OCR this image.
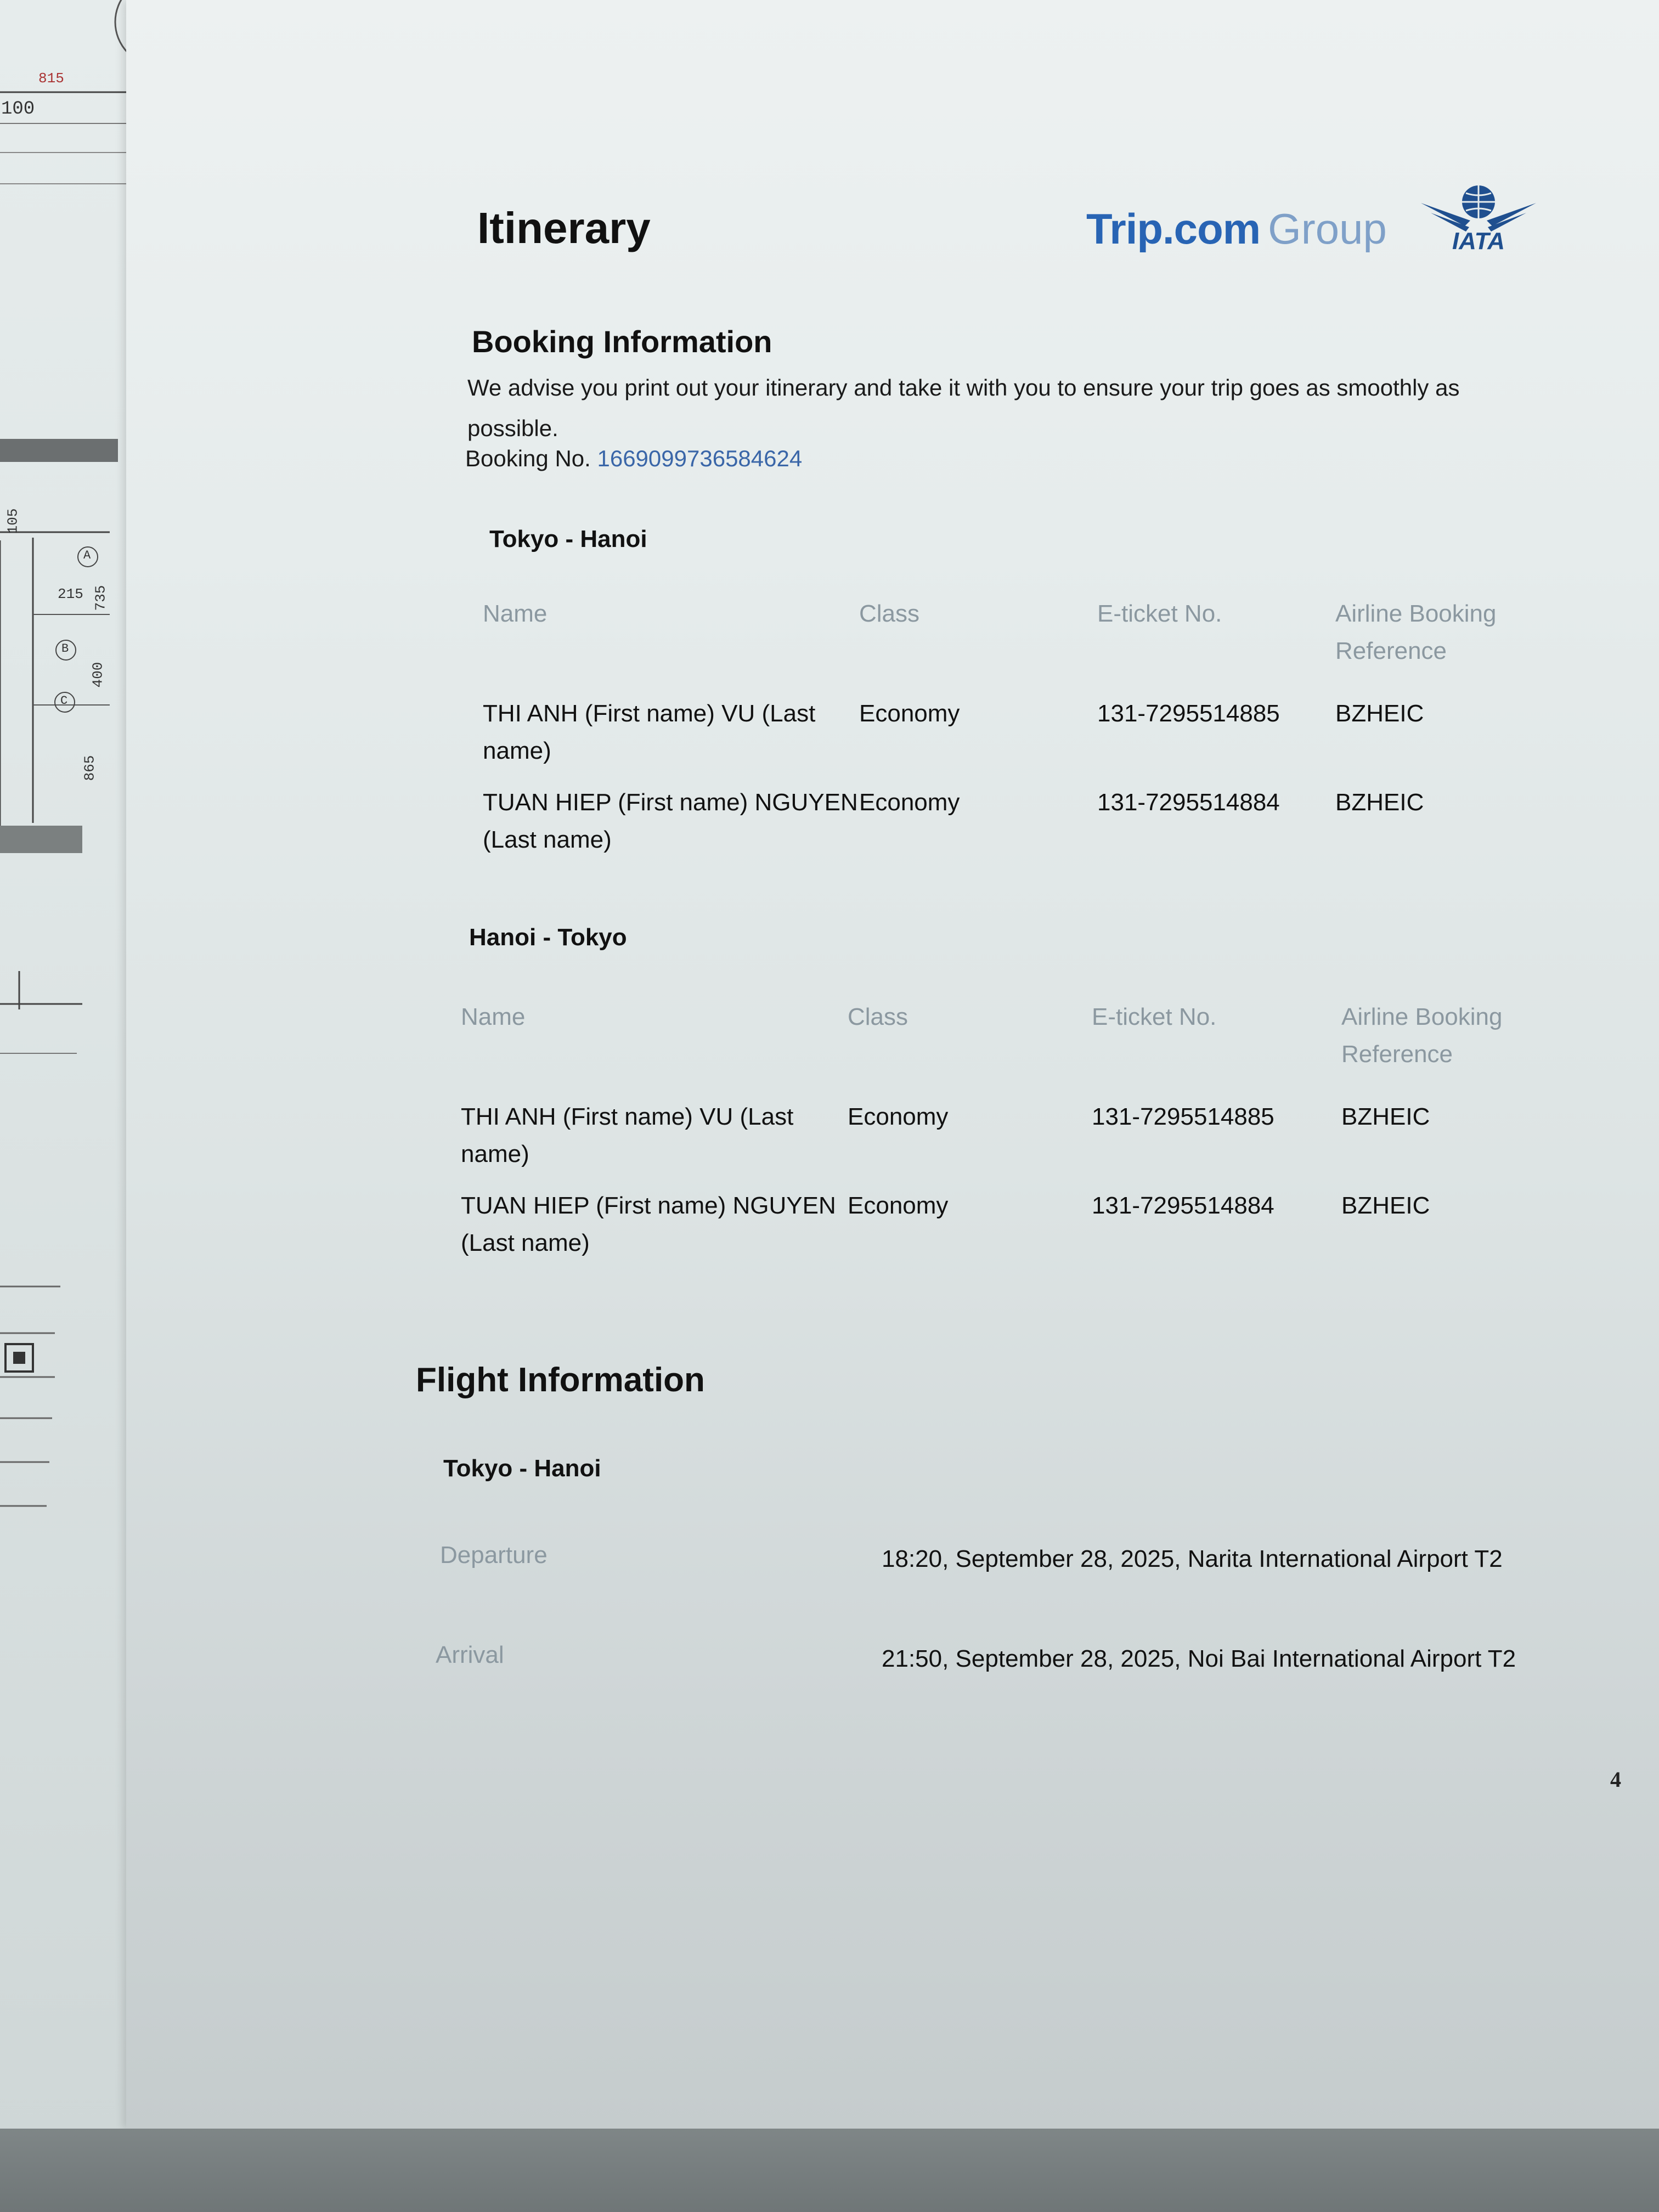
815
100
105
215 735
400
865
A
B
C
Itinerary	Trip.com Group	IATA
Booking Information

We advise you print out your itinerary and take it with you to ensure your trip goes as smoothly as possible.

Booking No. 1669099736584624
Tokyo - Hanoi
Name	Class	E-ticket No.	Airline Booking Reference
THI ANH (First name) VU (Last name)	Economy	131-7295514885	BZHEIC
TUAN HIEP (First name) NGUYEN (Last name)	Economy	131-7295514884	BZHEIC
Hanoi - Tokyo
Name	Class	E-ticket No.	Airline Booking Reference
THI ANH (First name) VU (Last name)	Economy	131-7295514885	BZHEIC
TUAN HIEP (First name) NGUYEN (Last name)	Economy	131-7295514884	BZHEIC
Flight Information
Tokyo - Hanoi
Departure	18:20, September 28, 2025, Narita International Airport T2
Arrival	21:50, September 28, 2025, Noi Bai International Airport T2
4
